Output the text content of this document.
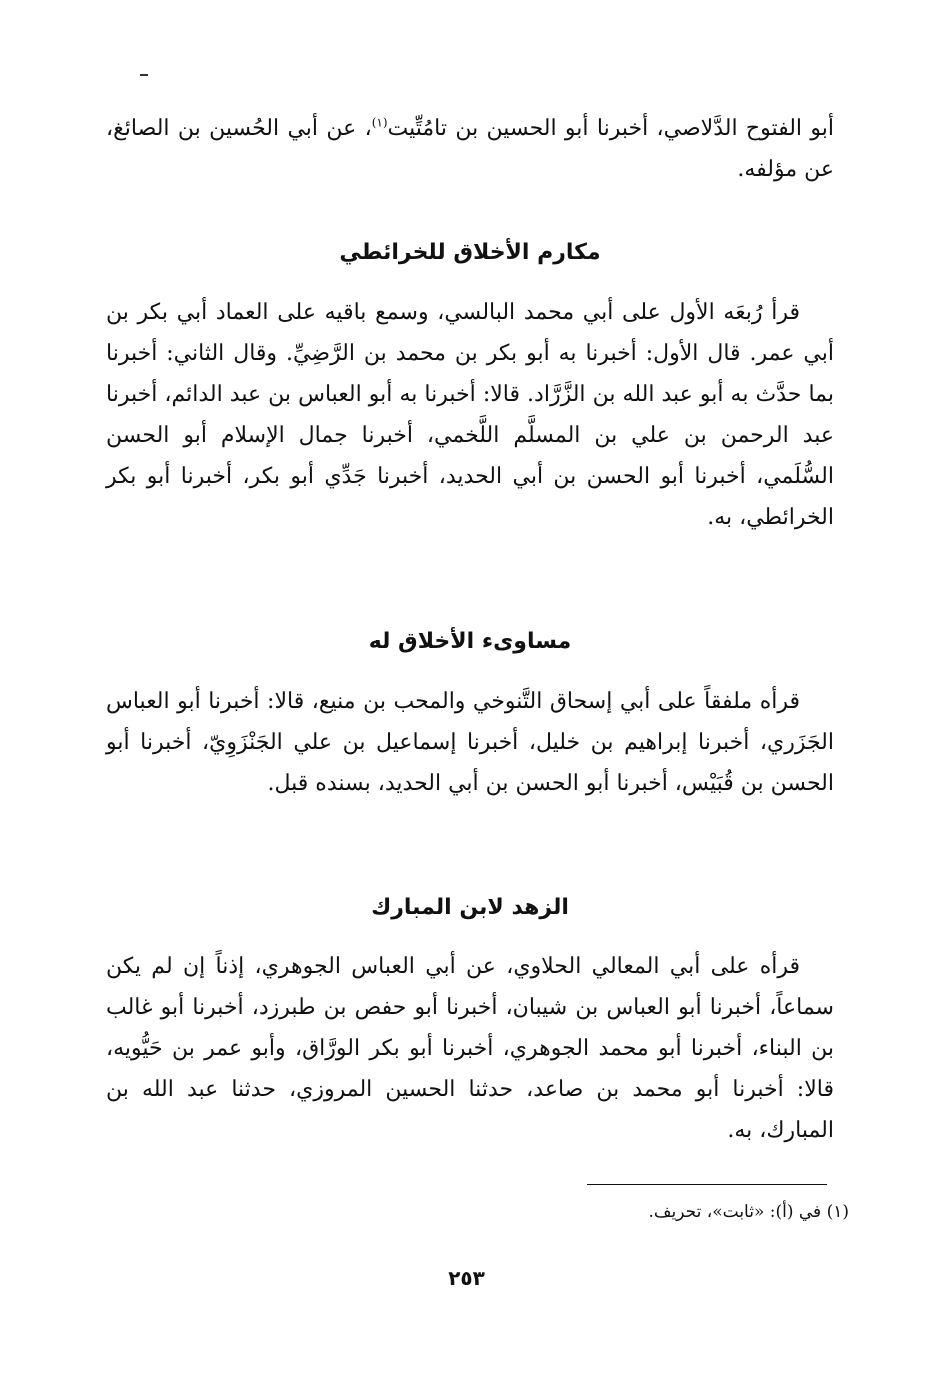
أبو الفتوح الدَّلاصي، أخبرنا أبو الحسين بن تامُتِّيت$^{(١)}$، عن أبي الحُسين بن الصائغ، عن مؤلفه.

مكارم الأخلاق للخرائطي

قرأ رُبعَه الأول على أبي محمد البالسي، وسمع باقيه على العماد أبي بكر بن أبي عمر. قال الأول: أخبرنا به أبو بكر بن محمد بن الرَّضِيِّ. وقال الثاني: أخبرنا بما حدَّث به أبو عبد الله بن الزَّرَّاد. قالا: أخبرنا به أبو العباس بن عبد الدائم، أخبرنا عبد الرحمن بن علي بن المسلَّم اللَّخمي، أخبرنا جمال الإسلام أبو الحسن السُّلَمي، أخبرنا أبو الحسن بن أبي الحديد، أخبرنا جَدِّي أبو بكر، أخبرنا أبو بكر الخرائطي، به.

مساوىء الأخلاق له

قرأه ملفقاً على أبي إسحاق التَّنوخي والمحب بن منيع، قالا: أخبرنا أبو العباس الجَزَري، أخبرنا إبراهيم بن خليل، أخبرنا إسماعيل بن علي الجَنْزَوِيّ، أخبرنا أبو الحسن بن قُبَيْس، أخبرنا أبو الحسن بن أبي الحديد، بسنده قبل.

الزهد لابن المبارك

قرأه على أبي المعالي الحلاوي، عن أبي العباس الجوهري، إذناً إن لم يكن سماعاً، أخبرنا أبو العباس بن شيبان، أخبرنا أبو حفص بن طبرزد، أخبرنا أبو غالب بن البناء، أخبرنا أبو محمد الجوهري، أخبرنا أبو بكر الورَّاق، وأبو عمر بن حَيُّويه، قالا: أخبرنا أبو محمد بن صاعد، حدثنا الحسين المروزي، حدثنا عبد الله بن المبارك، به.

(١) في (أ): «ثابت»، تحريف.
٢٥٣
